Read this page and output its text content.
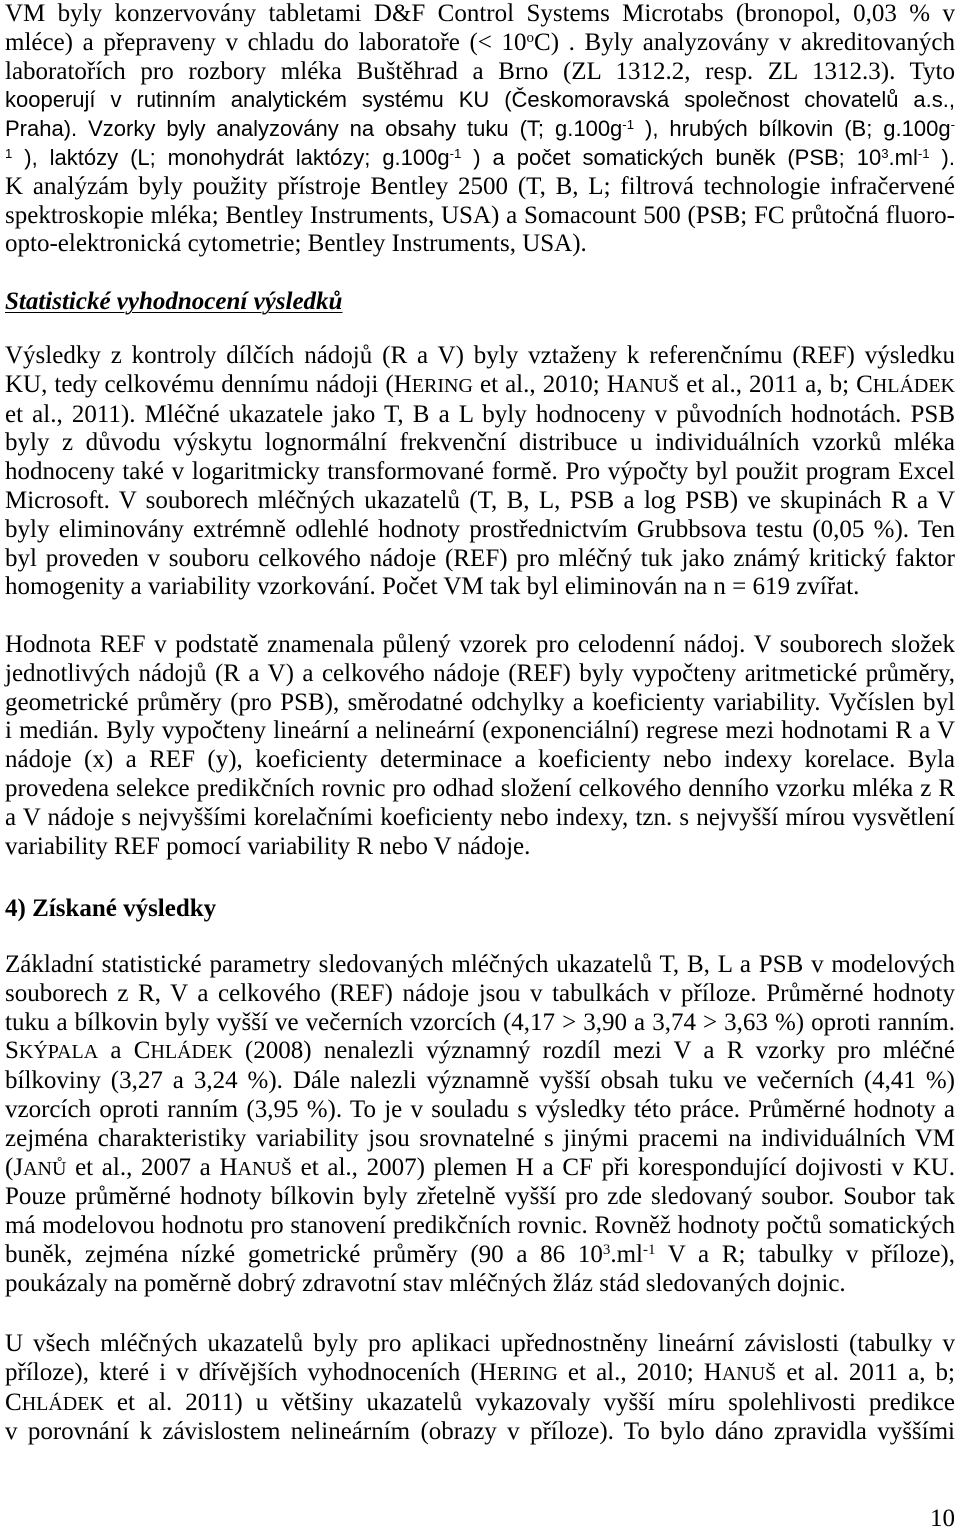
VM byly konzervovány tabletami D&F Control Systems Microtabs (bronopol, 0,03 % v
mléce) a přepraveny v chladu do laboratoře (< $10^oC$) . Byly analyzovány v akreditovaných
laboratořích pro rozbory mléka Buštěhrad a Brno (ZL 1312.2, resp. ZL 1312.3). Tyto
kooperují v rutinním analytickém systému KU (Českomoravská společnost chovatelů a.s.,
Praha). Vzorky byly analyzovány na obsahy tuku (T; $g.100g^{-1}$ ), hrubých bílkovin (B; g.100g-
$^1$ ), laktózy (L; monohydrát laktózy; $g.100g^{-1}$ ) a počet somatických buněk (PSB; $10^3.ml^{-1}$ ).
K analýzám byly použity přístroje Bentley 2500 (T, B, L; filtrová technologie infračervené
spektroskopie mléka; Bentley Instruments, USA) a Somacount 500 (PSB; FC průtočná fluoro-
opto-elektronická cytometrie; Bentley Instruments, USA).
Statistické vyhodnocení výsledků
Výsledky z kontroly dílčích nádojů (R a V) byly vztaženy k referenčnímu (REF) výsledku
KU, tedy celkovému dennímu nádoji (HERING et al., 2010; HANUŠ et al., 2011 a, b; CHLÁDEK
et al., 2011). Mléčné ukazatele jako T, B a L byly hodnoceny v původních hodnotách. PSB
byly z důvodu výskytu lognormální frekvenční distribuce u individuálních vzorků mléka
hodnoceny také v logaritmicky transformované formě. Pro výpočty byl použit program Excel
Microsoft. V souborech mléčných ukazatelů (T, B, L, PSB a log PSB) ve skupinách R a V
byly eliminovány extrémně odlehlé hodnoty prostřednictvím Grubbsova testu (0,05 %). Ten
byl proveden v souboru celkového nádoje (REF) pro mléčný tuk jako známý kritický faktor
homogenity a variability vzorkování. Počet VM tak byl eliminován na n = 619 zvířat.
Hodnota REF v podstatě znamenala půlený vzorek pro celodenní nádoj. V souborech složek
jednotlivých nádojů (R a V) a celkového nádoje (REF) byly vypočteny aritmetické průměry,
geometrické průměry (pro PSB), směrodatné odchylky a koeficienty variability. Vyčíslen byl
i medián. Byly vypočteny lineární a nelineární (exponenciální) regrese mezi hodnotami R a V
nádoje (x) a REF (y), koeficienty determinace a koeficienty nebo indexy korelace. Byla
provedena selekce predikčních rovnic pro odhad složení celkového denního vzorku mléka z R
a V nádoje s nejvyššími korelačními koeficienty nebo indexy, tzn. s nejvyšší mírou vysvětlení
variability REF pomocí variability R nebo V nádoje.
4) Získané výsledky
Základní statistické parametry sledovaných mléčných ukazatelů T, B, L a PSB v modelových
souborech z R, V a celkového (REF) nádoje jsou v tabulkách v příloze. Průměrné hodnoty
tuku a bílkovin byly vyšší ve večerních vzorcích (4,17 > 3,90 a 3,74 > 3,63 %) oproti ranním.
SKÝPALA a CHLÁDEK (2008) nenalezli významný rozdíl mezi V a R vzorky pro mléčné
bílkoviny (3,27 a 3,24 %). Dále nalezli významně vyšší obsah tuku ve večerních (4,41 %)
vzorcích oproti ranním (3,95 %). To je v souladu s výsledky této práce. Průměrné hodnoty a
zejména charakteristiky variability jsou srovnatelné s jinými pracemi na individuálních VM
(JANŮ et al., 2007 a HANUŠ et al., 2007) plemen H a CF při korespondující dojivosti v KU.
Pouze průměrné hodnoty bílkovin byly zřetelně vyšší pro zde sledovaný soubor. Soubor tak
má modelovou hodnotu pro stanovení predikčních rovnic. Rovněž hodnoty počtů somatických
buněk, zejména nízké gometrické průměry (90 a 86 $10^3.ml^{-1}$ V a R; tabulky v příloze),
poukázaly na poměrně dobrý zdravotní stav mléčných žláz stád sledovaných dojnic.
U všech mléčných ukazatelů byly pro aplikaci upřednostněny lineární závislosti (tabulky v
příloze), které i v dřívějších vyhodnoceních (HERING et al., 2010; HANUŠ et al. 2011 a, b;
CHLÁDEK et al. 2011) u většiny ukazatelů vykazovaly vyšší míru spolehlivosti predikce
v porovnání k závislostem nelineárním (obrazy v příloze). To bylo dáno zpravidla vyššími
10
